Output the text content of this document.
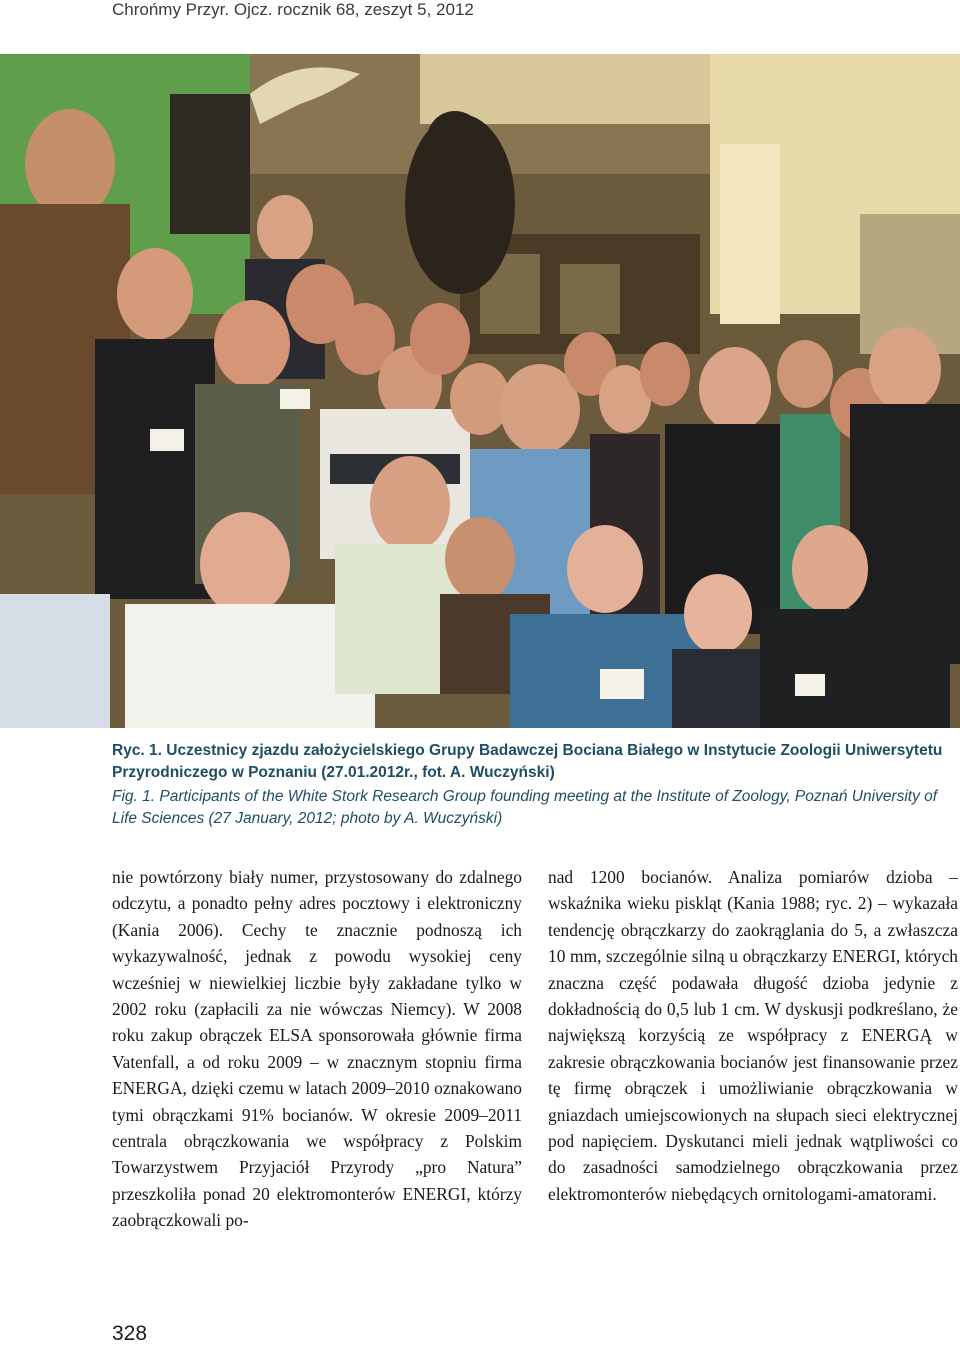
Chrońmy Przyr. Ojcz. rocznik 68, zeszyt 5, 2012

Ryc. 1. Uczestnicy zjazdu założycielskiego Grupy Badawczej Bociana Białego w Instytucie Zoologii Uniwersytetu Przyrodniczego w Poznaniu (27.01.2012r., fot. A. Wuczyński)

Fig. 1. Participants of the White Stork Research Group founding meeting at the Institute of Zoology, Poznań University of Life Sciences (27 January, 2012; photo by A. Wuczyński)

nie powtórzony biały numer, przystosowany do zdalnego odczytu, a ponadto pełny adres pocztowy i elektroniczny (Kania 2006). Cechy te znacznie podnoszą ich wykazywalność, jednak z powodu wysokiej ceny wcześniej w niewielkiej liczbie były zakładane tylko w 2002 roku (zapłacili za nie wówczas Niemcy). W 2008 roku zakup obrączek ELSA sponsorowała głównie firma Vatenfall, a od roku 2009 – w znacznym stopniu firma ENERGA, dzięki czemu w latach 2009–2010 oznakowano tymi obrączkami 91% bocianów. W okresie 2009–2011 centrala obrączkowania we współpracy z Polskim Towarzystwem Przyjaciół Przyrody „pro Natura” przeszkoliła ponad 20 elektromonterów ENERGI, którzy zaobrączkowali po-

nad 1200 bocianów. Analiza pomiarów dzioba – wskaźnika wieku piskląt (Kania 1988; ryc. 2) – wykazała tendencję obrączkarzy do zaokrąglania do 5, a zwłaszcza 10 mm, szczególnie silną u obrączkarzy ENERGI, których znaczna część podawała długość dzioba jedynie z dokładnością do 0,5 lub 1 cm. W dyskusji podkreślano, że największą korzyścią ze współpracy z ENERGĄ w zakresie obrączkowania bocianów jest finansowanie przez tę firmę obrączek i umożliwianie obrączkowania w gniazdach umiejscowionych na słupach sieci elektrycznej pod napięciem. Dyskutanci mieli jednak wątpliwości co do zasadności samodzielnego obrączkowania przez elektromonterów niebędących ornitologami-amatorami.

328
